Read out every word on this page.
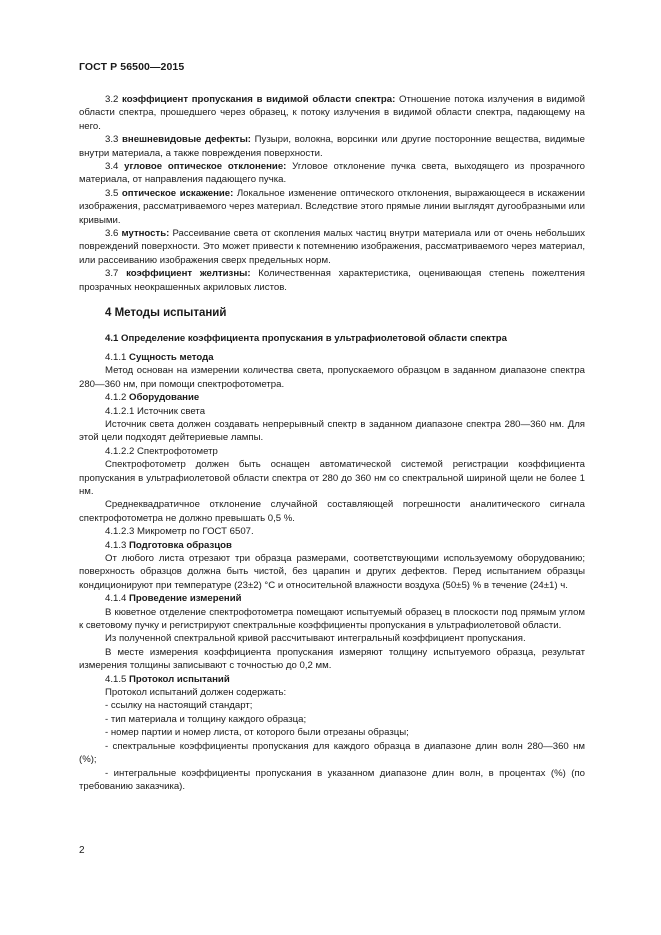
ГОСТ Р 56500—2015

3.2 коэффициент пропускания в видимой области спектра: Отношение потока излучения в видимой области спектра, прошедшего через образец, к потоку излучения в видимой области спектра, падающему на него.

3.3 внешневидовые дефекты: Пузыри, волокна, ворсинки или другие посторонние вещества, видимые внутри материала, а также повреждения поверхности.

3.4 угловое оптическое отклонение: Угловое отклонение пучка света, выходящего из прозрачного материала, от направления падающего пучка.

3.5 оптическое искажение: Локальное изменение оптического отклонения, выражающееся в искажении изображения, рассматриваемого через материал. Вследствие этого прямые линии выглядят дугообразными или кривыми.

3.6 мутность: Рассеивание света от скопления малых частиц внутри материала или от очень небольших повреждений поверхности. Это может привести к потемнению изображения, рассматриваемого через материал, или рассеиванию изображения сверх предельных норм.

3.7 коэффициент желтизны: Количественная характеристика, оценивающая степень пожелтения прозрачных неокрашенных акриловых листов.

4 Методы испытаний
4.1 Определение коэффициента пропускания в ультрафиолетовой области спектра

4.1.1 Сущность метода

Метод основан на измерении количества света, пропускаемого образцом в заданном диапазоне спектра 280—360 нм, при помощи спектрофотометра.

4.1.2 Оборудование

4.1.2.1 Источник света

Источник света должен создавать непрерывный спектр в заданном диапазоне спектра 280—360 нм. Для этой цели подходят дейтериевые лампы.

4.1.2.2 Спектрофотометр

Спектрофотометр должен быть оснащен автоматической системой регистрации коэффициента пропускания в ультрафиолетовой области спектра от 280 до 360 нм со спектральной шириной щели не более 1 нм.

Среднеквадратичное отклонение случайной составляющей погрешности аналитического сигнала спектрофотометра не должно превышать 0,5 %.

4.1.2.3 Микрометр по ГОСТ 6507.

4.1.3 Подготовка образцов

От любого листа отрезают три образца размерами, соответствующими используемому оборудованию; поверхность образцов должна быть чистой, без царапин и других дефектов. Перед испытанием образцы кондиционируют при температуре (23±2) °С и относительной влажности воздуха (50±5) % в течение (24±1) ч.

4.1.4 Проведение измерений

В кюветное отделение спектрофотометра помещают испытуемый образец в плоскости под прямым углом к световому пучку и регистрируют спектральные коэффициенты пропускания в ультрафиолетовой области.

Из полученной спектральной кривой рассчитывают интегральный коэффициент пропускания.

В месте измерения коэффициента пропускания измеряют толщину испытуемого образца, результат измерения толщины записывают с точностью до 0,2 мм.

4.1.5 Протокол испытаний

Протокол испытаний должен содержать:

- ссылку на настоящий стандарт;

- тип материала и толщину каждого образца;

- номер партии и номер листа, от которого были отрезаны образцы;

- спектральные коэффициенты пропускания для каждого образца в диапазоне длин волн 280—360 нм (%);

- интегральные коэффициенты пропускания в указанном диапазоне длин волн, в процентах (%) (по требованию заказчика).

2
